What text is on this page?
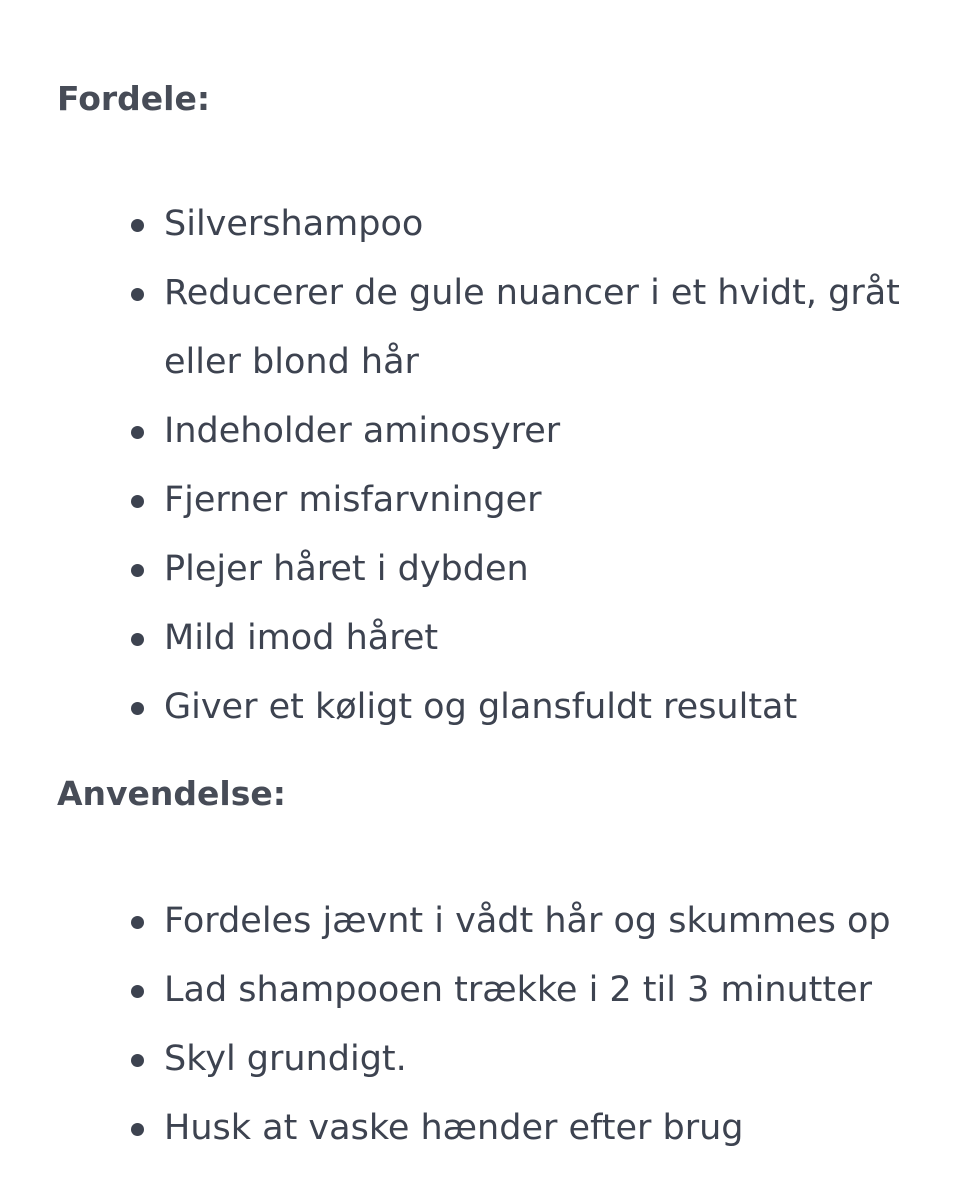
Fordele:
Silvershampoo
Reducerer de gule nuancer i et hvidt, gråt eller blond hår
Indeholder aminosyrer
Fjerner misfarvninger
Plejer håret i dybden
Mild imod håret
Giver et køligt og glansfuldt resultat
Anvendelse:
Fordeles jævnt i vådt hår og skummes op
Lad shampooen trække i 2 til 3 minutter
Skyl grundigt.
Husk at vaske hænder efter brug
